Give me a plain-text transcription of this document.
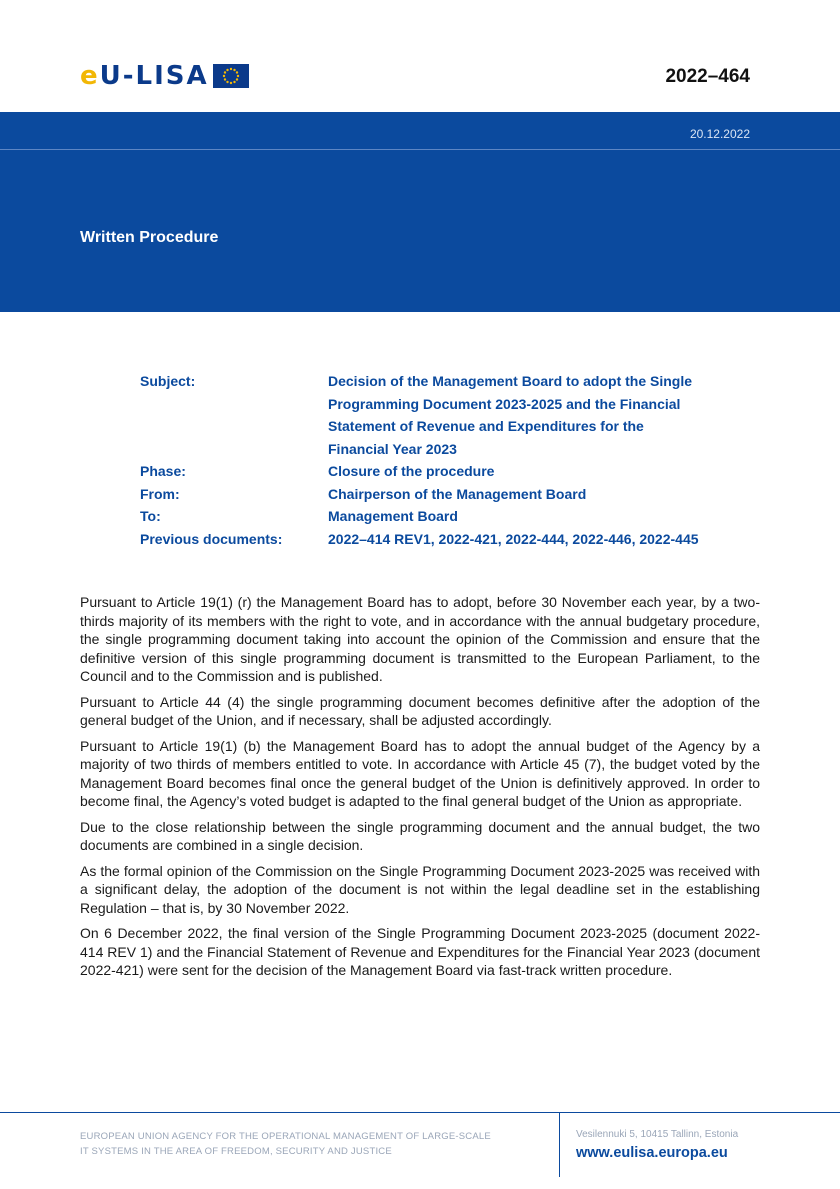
eU-LISA	2022–464
20.12.2022
Written Procedure
Subject:	Decision of the Management Board to adopt the Single Programming Document 2023-2025 and the Financial Statement of Revenue and Expenditures for the Financial Year 2023
Phase:	Closure of the procedure
From:	Chairperson of the Management Board
To:	Management Board
Previous documents:	2022–414 REV1, 2022-421, 2022-444, 2022-446, 2022-445

Pursuant to Article 19(1) (r) the Management Board has to adopt, before 30 November each year, by a two-thirds majority of its members with the right to vote, and in accordance with the annual budgetary procedure, the single programming document taking into account the opinion of the Commission and ensure that the definitive version of this single programming document is transmitted to the European Parliament, to the Council and to the Commission and is published.

Pursuant to Article 44 (4) the single programming document becomes definitive after the adoption of the general budget of the Union, and if necessary, shall be adjusted accordingly.

Pursuant to Article 19(1) (b) the Management Board has to adopt the annual budget of the Agency by a majority of two thirds of members entitled to vote. In accordance with Article 45 (7), the budget voted by the Management Board becomes final once the general budget of the Union is definitively approved. In order to become final, the Agency’s voted budget is adapted to the final general budget of the Union as appropriate.

Due to the close relationship between the single programming document and the annual budget, the two documents are combined in a single decision.

As the formal opinion of the Commission on the Single Programming Document 2023-2025 was received with a significant delay, the adoption of the document is not within the legal deadline set in the establishing Regulation – that is, by 30 November 2022.

On 6 December 2022, the final version of the Single Programming Document 2023-2025 (document 2022-414 REV 1) and the Financial Statement of Revenue and Expenditures for the Financial Year 2023 (document 2022-421) were sent for the decision of the Management Board via fast-track written procedure.

EUROPEAN UNION AGENCY FOR THE OPERATIONAL MANAGEMENT OF LARGE-SCALE
IT SYSTEMS IN THE AREA OF FREEDOM, SECURITY AND JUSTICE
Vesilennuki 5, 10415 Tallinn, Estonia
www.eulisa.europa.eu
